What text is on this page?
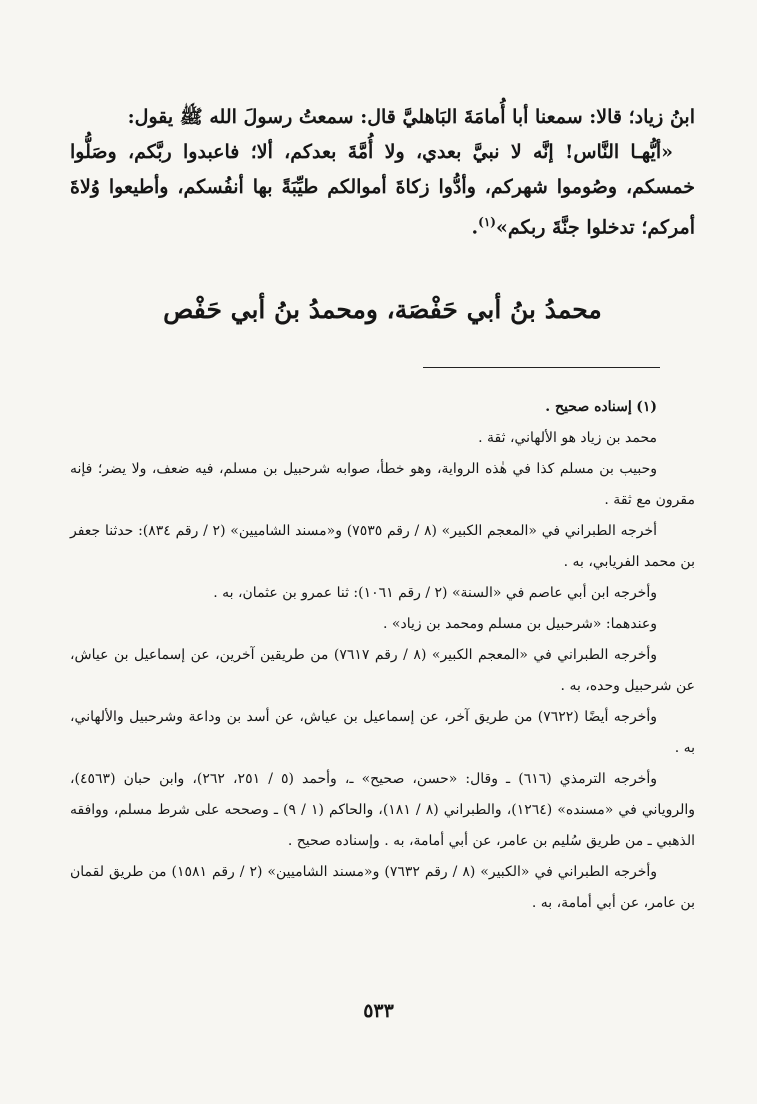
ابنُ زياد؛ قالا: سمعنا أبا أُمامَةَ البَاهليَّ قال: سمعتُ رسولَ الله ﷺ يقول:

«أيُّهـا النَّاس! إنَّه لا نبيَّ بعدي، ولا أُمَّةَ بعدكم، ألا؛ فاعبدوا ربَّكم، وصَلُّوا خمسكم، وصُوموا شهركم، وأدُّوا زكاةَ أموالكم طيِّبَةً بها أنفُسكم، وأطيعوا وُلاةَ أمركم؛ تدخلوا جنَّةَ ربكم»$^{(١)}$.

محمدُ بنُ أبي حَفْصَة، ومحمدُ بنُ أبي حَفْص

(١) إسناده صحيح .

محمد بن زياد هو الألهاني، ثقة .

وحبيب بن مسلم كذا في هٰذه الرواية، وهو خطأ، صوابه شرحبيل بن مسلم، فيه ضعف، ولا يضر؛ فإنه مقرون مع ثقة .

أخرجه الطبراني في «المعجم الكبير» (٨ / رقم ٧٥٣٥) و«مسند الشاميين» (٢ / رقم ٨٣٤): حدثنا جعفر بن محمد الفريابي، به .

وأخرجه ابن أبي عاصم في «السنة» (٢ / رقم ١٠٦١): ثنا عمرو بن عثمان، به .

وعندهما: «شرحبيل بن مسلم ومحمد بن زياد» .

وأخرجه الطبراني في «المعجم الكبير» (٨ / رقم ٧٦١٧) من طريقين آخرين، عن إسماعيل بن عياش، عن شرحبيل وحده، به .

وأخرجه أيضًا (٧٦٢٢) من طريق آخر، عن إسماعيل بن عياش، عن أسد بن وداعة وشرحبيل والألهاني، به .

وأخرجه الترمذي (٦١٦) ـ وقال: «حسن، صحيح» ـ، وأحمد (٥ / ٢٥١، ٢٦٢)، وابن حبان (٤٥٦٣)، والروياني في «مسنده» (١٢٦٤)، والطبراني (٨ / ١٨١)، والحاكم (١ / ٩) ـ وصححه على شرط مسلم، ووافقه الذهبي ـ من طريق سُليم بن عامر، عن أبي أمامة، به . وإسناده صحيح .

وأخرجه الطبراني في «الكبير» (٨ / رقم ٧٦٣٢) و«مسند الشاميين» (٢ / رقم ١٥٨١) من طريق لقمان بن عامر، عن أبي أمامة، به .

٥٣٣
